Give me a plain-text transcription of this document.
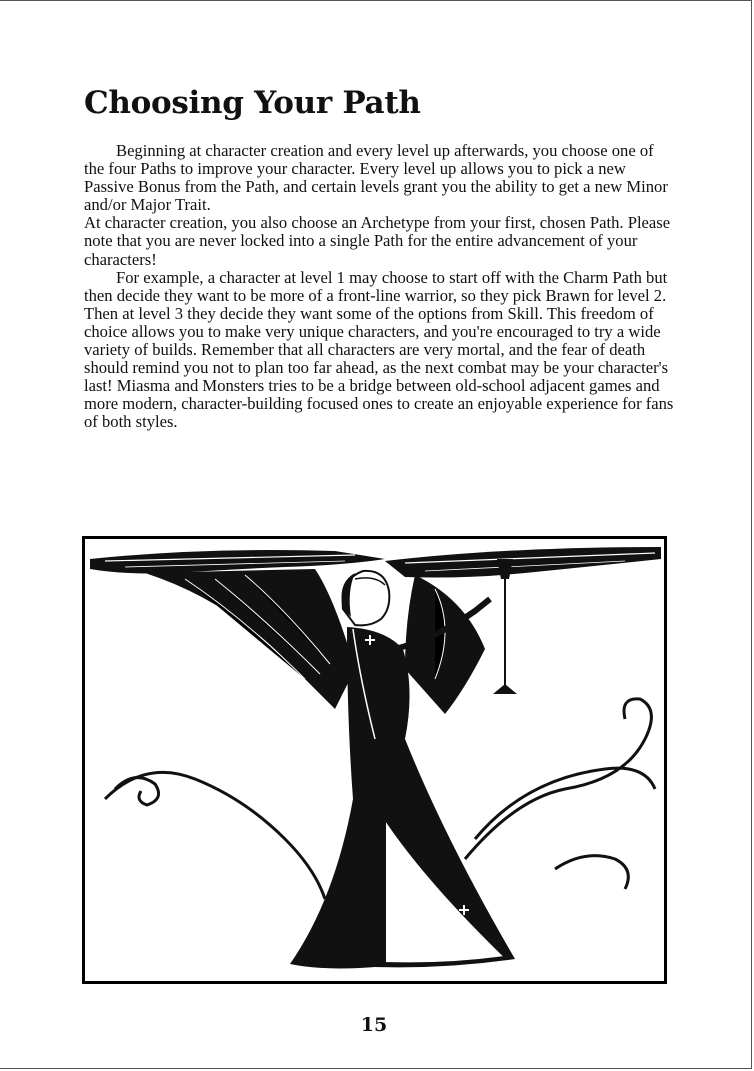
Choosing Your Path

Beginning at character creation and every level up afterwards, you choose one of the four Paths to improve your character. Every level up allows you to pick a new Passive Bonus from the Path, and certain levels grant you the ability to get a new Minor and/or Major Trait.

At character creation, you also choose an Archetype from your first, chosen Path. Please note that you are never locked into a single Path for the entire advancement of your characters!

For example, a character at level 1 may choose to start off with the Charm Path but then decide they want to be more of a front-line warrior, so they pick Brawn for level 2. Then at level 3 they decide they want some of the options from Skill. This freedom of choice allows you to make very unique characters, and you're encouraged to try a wide variety of builds. Remember that all characters are very mortal, and the fear of death should remind you not to plan too far ahead, as the next combat may be your character's last! Miasma and Monsters tries to be a bridge between old-school adjacent games and more modern, character-building focused ones to create an enjoyable experience for fans of both styles.

15
